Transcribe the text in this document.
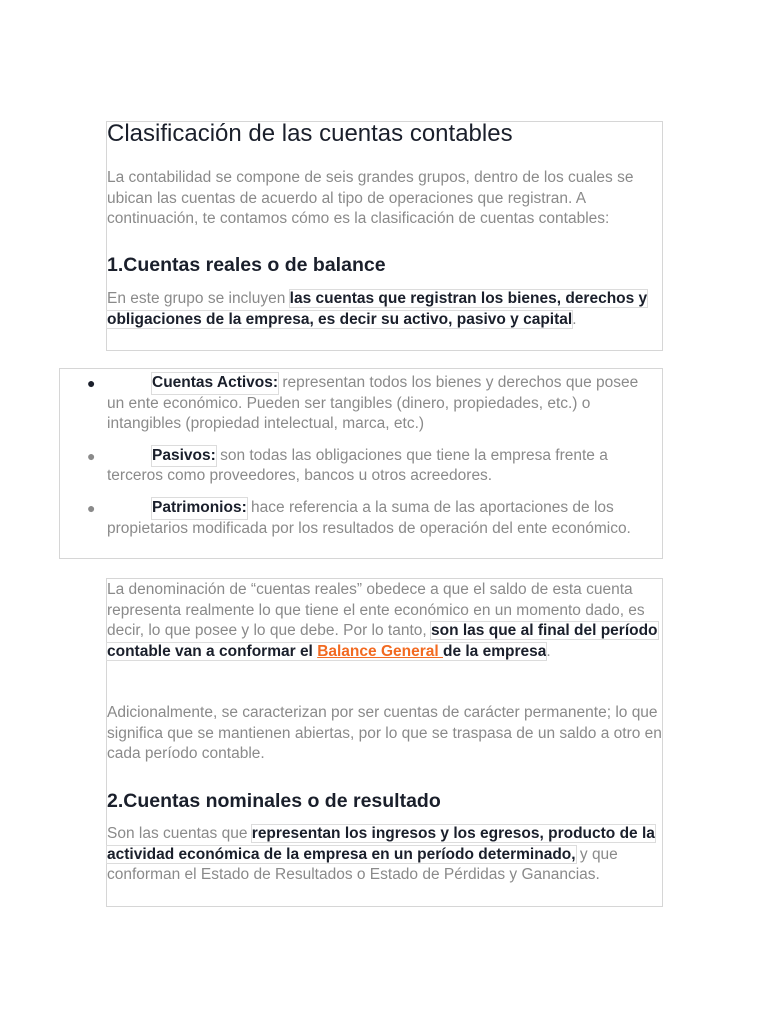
Clasificación de las cuentas contables

La contabilidad se compone de seis grandes grupos, dentro de los cuales se ubican las cuentas de acuerdo al tipo de operaciones que registran. A continuación, te contamos cómo es la clasificación de cuentas contables:

1.Cuentas reales o de balance

En este grupo se incluyen las cuentas que registran los bienes, derechos y obligaciones de la empresa, es decir su activo, pasivo y capital.

●	Cuentas Activos: representan todos los bienes y derechos que posee un ente económico. Pueden ser tangibles (dinero, propiedades, etc.) o intangibles (propiedad intelectual, marca, etc.)
●	Pasivos: son todas las obligaciones que tiene la empresa frente a terceros como proveedores, bancos u otros acreedores.
●	Patrimonios: hace referencia a la suma de las aportaciones de los propietarios modificada por los resultados de operación del ente económico.

La denominación de “cuentas reales” obedece a que el saldo de esta cuenta representa realmente lo que tiene el ente económico en un momento dado, es decir, lo que posee y lo que debe. Por lo tanto, son las que al final del período contable van a conformar el Balance General de la empresa.

Adicionalmente, se caracterizan por ser cuentas de carácter permanente; lo que significa que se mantienen abiertas, por lo que se traspasa de un saldo a otro en cada período contable.

2.Cuentas nominales o de resultado

Son las cuentas que representan los ingresos y los egresos, producto de la actividad económica de la empresa en un período determinado, y que conforman el Estado de Resultados o Estado de Pérdidas y Ganancias.
